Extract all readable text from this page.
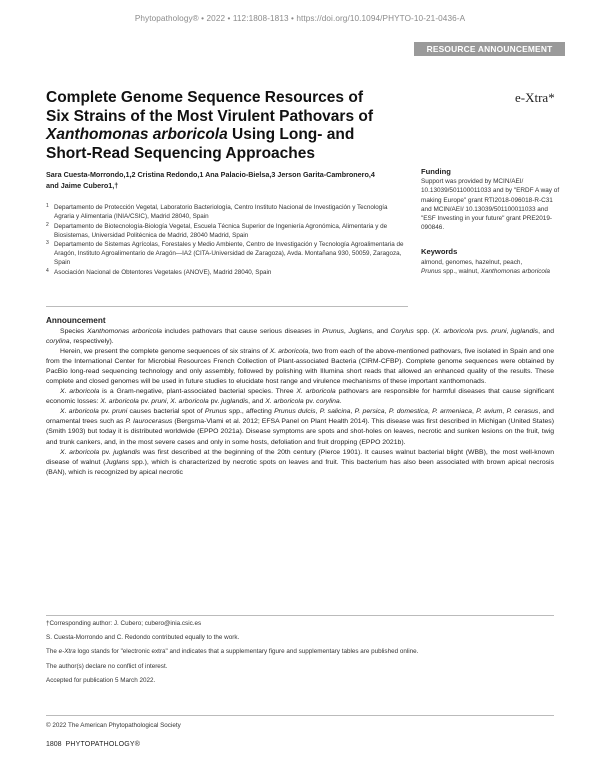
Phytopathology® • 2022 • 112:1808-1813 • https://doi.org/10.1094/PHYTO-10-21-0436-A
RESOURCE ANNOUNCEMENT
Complete Genome Sequence Resources of
Six Strains of the Most Virulent Pathovars of
Xanthomonas arboricola Using Long- and
Short-Read Sequencing Approaches
e-Xtra*
Sara Cuesta-Morrondo,1,2 Cristina Redondo,1 Ana Palacio-Bielsa,3 Jerson Garita-Cambronero,4
and Jaime Cubero1,†
1 Departamento de Protección Vegetal, Laboratorio Bacteriología, Centro Instituto Nacional de Investigación y Tecnología Agraria y Alimentaria (INIA/CSIC), Madrid 28040, Spain
2 Departamento de Biotecnología-Biología Vegetal, Escuela Técnica Superior de Ingeniería Agronómica, Alimentaria y de Biosistemas, Universidad Politécnica de Madrid, 28040 Madrid, Spain
3 Departamento de Sistemas Agrícolas, Forestales y Medio Ambiente, Centro de Investigación y Tecnología Agroalimentaria de Aragón, Instituto Agroalimentario de Aragón—IA2 (CITA-Universidad de Zaragoza), Avda. Montañana 930, 50059, Zaragoza, Spain
4 Asociación Nacional de Obtentores Vegetales (ANOVE), Madrid 28040, Spain
Funding
Support was provided by MCIN/AEI/ 10.13039/501100011033 and by "ERDF A way of making Europe" grant RTI2018-096018-R-C31 and MCIN/AEI/ 10.13039/501100011033 and "ESF Investing in your future" grant PRE2019-090846.
Keywords
almond, genomes, hazelnut, peach,
Prunus spp., walnut, Xanthomonas arboricola
Announcement

Species Xanthomonas arboricola includes pathovars that cause serious diseases in Prunus, Juglans, and Corylus spp. (X. arboricola pvs. pruni, juglandis, and corylina, respectively).

Herein, we present the complete genome sequences of six strains of X. arboricola, two from each of the above-mentioned pathovars, five isolated in Spain and one from the International Center for Microbial Resources French Collection of Plant-associated Bacteria (CIRM-CFBP). Complete genome sequences were obtained by PacBio long-read sequencing technology and only assembly, followed by polishing with Illumina short reads that allowed an enhanced quality of the results. These complete and closed genomes will be used in future studies to elucidate host range and virulence mechanisms of these important xanthomonads.

X. arboricola is a Gram-negative, plant-associated bacterial species. Three X. arboricola pathovars are responsible for harmful diseases that cause significant economic losses: X. arboricola pv. pruni, X. arboricola pv. juglandis, and X. arboricola pv. corylina.

X. arboricola pv. pruni causes bacterial spot of Prunus spp., affecting Prunus dulcis, P. salicina, P. persica, P. domestica, P. armeniaca, P. avium, P. cerasus, and ornamental trees such as P. laurocerasus (Bergsma-Vlami et al. 2012; EFSA Panel on Plant Health 2014). This disease was first described in Michigan (United States) (Smith 1903) but today it is distributed worldwide (EPPO 2021a). Disease symptoms are spots and shot-holes on leaves, necrotic and sunken lesions on the fruit, twig and trunk cankers, and, in the most severe cases and only in some hosts, defoliation and fruit dropping (EPPO 2021b).

X. arboricola pv. juglandis was first described at the beginning of the 20th century (Pierce 1901). It causes walnut bacterial blight (WBB), the most well-known disease of walnut (Juglans spp.), which is characterized by necrotic spots on leaves and fruit. This bacterium has also been associated with brown apical necrosis (BAN), which is recognized by apical necrotic

†Corresponding author: J. Cubero; cubero@inia.csic.es

S. Cuesta-Morrondo and C. Redondo contributed equally to the work.

The e-Xtra logo stands for "electronic extra" and indicates that a supplementary figure and supplementary tables are published online.

The author(s) declare no conflict of interest.

Accepted for publication 5 March 2022.

© 2022 The American Phytopathological Society
1808 PHYTOPATHOLOGY®
